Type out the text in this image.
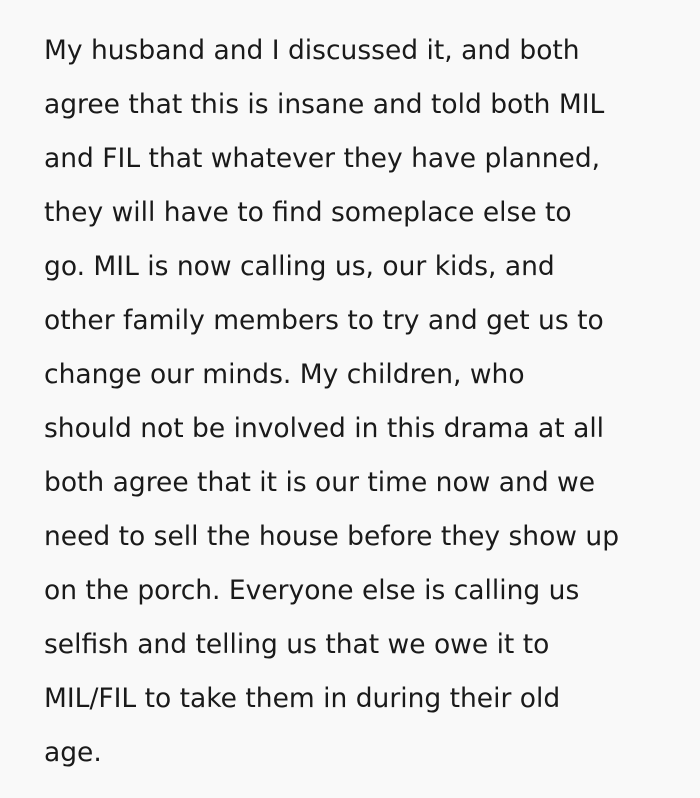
My husband and I discussed it, and both
agree that this is insane and told both MIL
and FIL that whatever they have planned,
they will have to find someplace else to
go. MIL is now calling us, our kids, and
other family members to try and get us to
change our minds. My children, who
should not be involved in this drama at all
both agree that it is our time now and we
need to sell the house before they show up
on the porch. Everyone else is calling us
selfish and telling us that we owe it to
MIL/FIL to take them in during their old
age.
